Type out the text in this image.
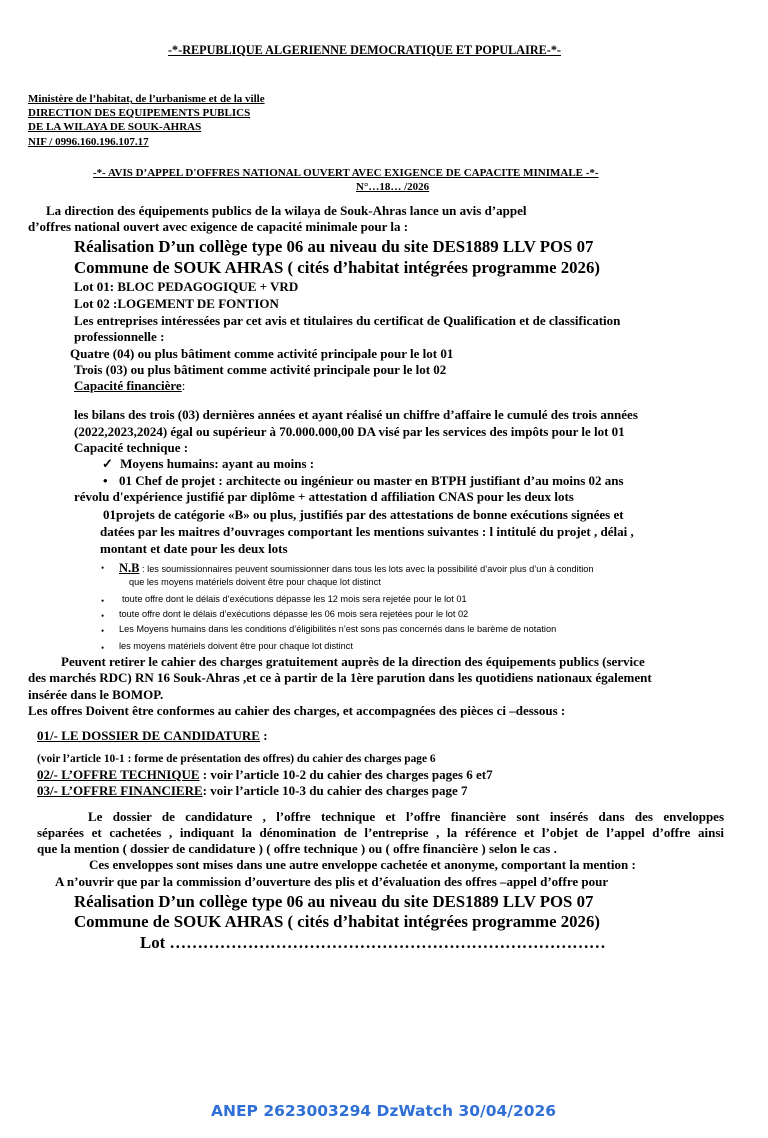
-*-REPUBLIQUE ALGERIENNE DEMOCRATIQUE ET POPULAIRE-*-
Ministère de l’habitat, de l’urbanisme et de la ville
DIRECTION DES EQUIPEMENTS PUBLICS
DE LA WILAYA DE SOUK-AHRAS
NIF / 0996.160.196.107.17
-*- AVIS D’APPEL D'OFFRES NATIONAL OUVERT AVEC EXIGENCE DE CAPACITE MINIMALE -*-
N°…18… /2026
La direction des équipements publics de la wilaya de Souk-Ahras lance un avis d’appel
d’offres national ouvert avec exigence de capacité minimale pour la :
Réalisation D’un collège type 06 au niveau du site DES1889 LLV POS 07
Commune de SOUK AHRAS ( cités d’habitat intégrées programme 2026)
Lot 01: BLOC PEDAGOGIQUE + VRD
Lot 02 :LOGEMENT DE FONTION
Les entreprises intéressées par cet avis et titulaires du certificat de Qualification et de classification
professionnelle :
Quatre (04) ou plus bâtiment comme activité principale pour le lot 01
Trois (03) ou plus bâtiment comme activité principale pour le lot 02
Capacité financière:
les bilans des trois (03) dernières années et ayant réalisé un chiffre d’affaire le cumulé des trois années
(2022,2023,2024) égal ou supérieur à 70.000.000,00 DA visé par les services des impôts pour le lot 01
Capacité technique :
✓ Moyens humains: ayant au moins :
• 01 Chef de projet : architecte ou ingénieur ou master en BTPH justifiant d’au moins 02 ans
révolu d'expérience justifié par diplôme + attestation d affiliation CNAS pour les deux lots
01projets de catégorie «B» ou plus, justifiés par des attestations de bonne exécutions signées et
datées par les maitres d’ouvrages comportant les mentions suivantes : l intitulé du projet , délai ,
montant et date pour les deux lots
• N.B : les soumissionnaires peuvent soumissionner dans tous les lots avec la possibilité d’avoir plus d’un à condition
que les moyens matériels doivent être pour chaque lot distinct
• toute offre dont le délais d’exécutions dépasse les 12 mois sera rejetée pour le lot 01
• toute offre dont le délais d’exécutions dépasse les 06 mois sera rejetées pour le lot 02
• Les Moyens humains dans les conditions d’éligibilités n’est sons pas concernés dans le barème de notation
• les moyens matériels doivent être pour chaque lot distinct
Peuvent retirer le cahier des charges gratuitement auprès de la direction des équipements publics (service
des marchés RDC) RN 16 Souk-Ahras ,et ce à partir de la 1ère parution dans les quotidiens nationaux également
insérée dans le BOMOP.
Les offres Doivent être conformes au cahier des charges, et accompagnées des pièces ci –dessous :
01/- LE DOSSIER DE CANDIDATURE :
(voir l’article 10-1 : forme de présentation des offres) du cahier des charges page 6
02/- L’OFFRE TECHNIQUE : voir l’article 10-2 du cahier des charges pages 6 et7
03/- L’OFFRE FINANCIERE: voir l’article 10-3 du cahier des charges page 7
Le dossier de candidature , l’offre technique et l’offre financière sont insérés dans des enveloppes
séparées et cachetées , indiquant la dénomination de l’entreprise , la référence et l’objet de l’appel d’offre ainsi
que la mention ( dossier de candidature ) ( offre technique ) ou ( offre financière ) selon le cas .
Ces enveloppes sont mises dans une autre enveloppe cachetée et anonyme, comportant la mention :
A n’ouvrir que par la commission d’ouverture des plis et d’évaluation des offres –appel d’offre pour
Réalisation D’un collège type 06 au niveau du site DES1889 LLV POS 07
Commune de SOUK AHRAS ( cités d’habitat intégrées programme 2026)
Lot ……………………………………………………………………
ANEP 2623003294 DzWatch 30/04/2026
